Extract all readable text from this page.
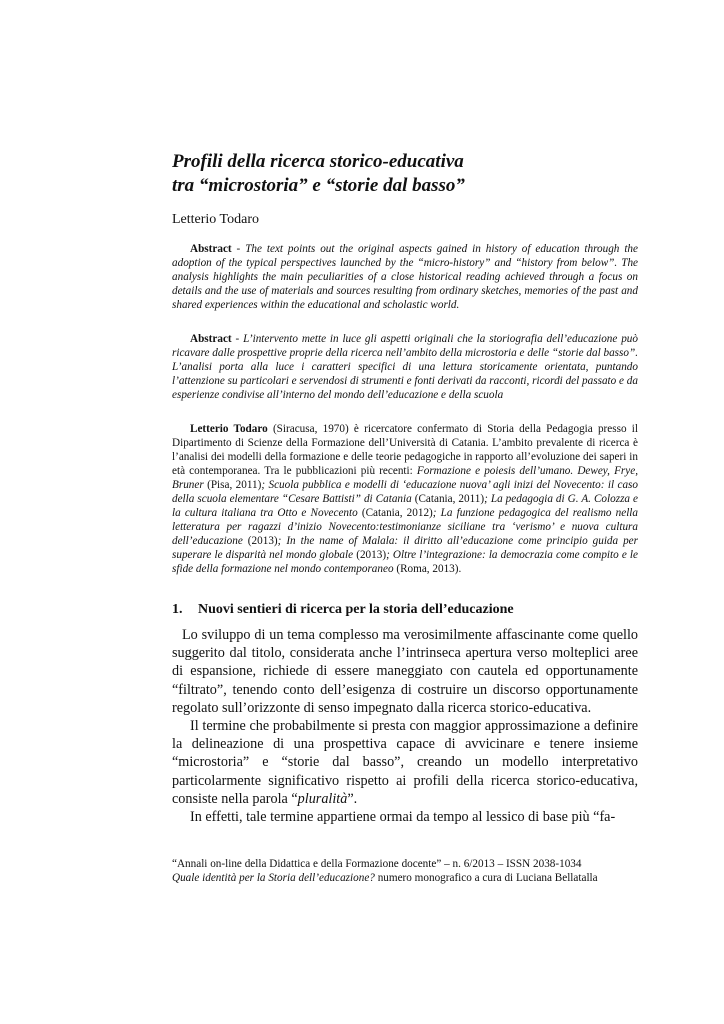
Profili della ricerca storico-educativa
tra “microstoria” e “storie dal basso”
Letterio Todaro

Abstract - The text points out the original aspects gained in history of education through the adoption of the typical perspectives launched by the “micro-history” and “history from below”. The analysis highlights the main peculiarities of a close historical reading achieved through a focus on details and the use of materials and sources resulting from ordinary sketches, memories of the past and shared experiences within the educational and scholastic world.

Abstract - L’intervento mette in luce gli aspetti originali che la storiografia dell’educazione può ricavare dalle prospettive proprie della ricerca nell’ambito della microstoria e delle “storie dal basso”. L’analisi porta alla luce i caratteri specifici di una lettura storicamente orientata, puntando l’attenzione su particolari e servendosi di strumenti e fonti derivati da racconti, ricordi del passato e da esperienze condivise all’interno del mondo dell’educazione e della scuola

Letterio Todaro (Siracusa, 1970) è ricercatore confermato di Storia della Pedagogia presso il Dipartimento di Scienze della Formazione dell’Università di Catania. L’ambito prevalente di ricerca è l’analisi dei modelli della formazione e delle teorie pedagogiche in rapporto all’evoluzione dei saperi in età contemporanea. Tra le pubblicazioni più recenti: Formazione e poiesis dell’umano. Dewey, Frye, Bruner (Pisa, 2011); Scuola pubblica e modelli di ‘educazione nuova’ agli inizi del Novecento: il caso della scuola elementare “Cesare Battisti” di Catania (Catania, 2011); La pedagogia di G. A. Colozza e la cultura italiana tra Otto e Novecento (Catania, 2012); La funzione pedagogica del realismo nella letteratura per ragazzi d’inizio Novecento:testimonianze siciliane tra ‘verismo’ e nuova cultura dell’educazione (2013); In the name of Malala: il diritto all’educazione come principio guida per superare le disparità nel mondo globale (2013); Oltre l’integrazione: la democrazia come compito e le sfide della formazione nel mondo contemporaneo (Roma, 2013).

1.	Nuovi sentieri di ricerca per la storia dell’educazione

Lo sviluppo di un tema complesso ma verosimilmente affascinante come quello suggerito dal titolo, considerata anche l’intrinseca apertura verso molteplici aree di espansione, richiede di essere maneggiato con cautela ed opportunamente “filtrato”, tenendo conto dell’esigenza di costruire un discorso opportunamente regolato sull’orizzonte di senso impegnato dalla ricerca storico-educativa.

Il termine che probabilmente si presta con maggior approssimazione a definire la delineazione di una prospettiva capace di avvicinare e tenere insieme “microstoria” e “storie dal basso”, creando un modello interpretativo particolarmente significativo rispetto ai profili della ricerca storico-educativa, consiste nella parola “pluralità”.

In effetti, tale termine appartiene ormai da tempo al lessico di base più “fa-

“Annali on-line della Didattica e della Formazione docente” – n. 6/2013 – ISSN 2038-1034
Quale identità per la Storia dell’educazione? numero monografico a cura di Luciana Bellatalla
